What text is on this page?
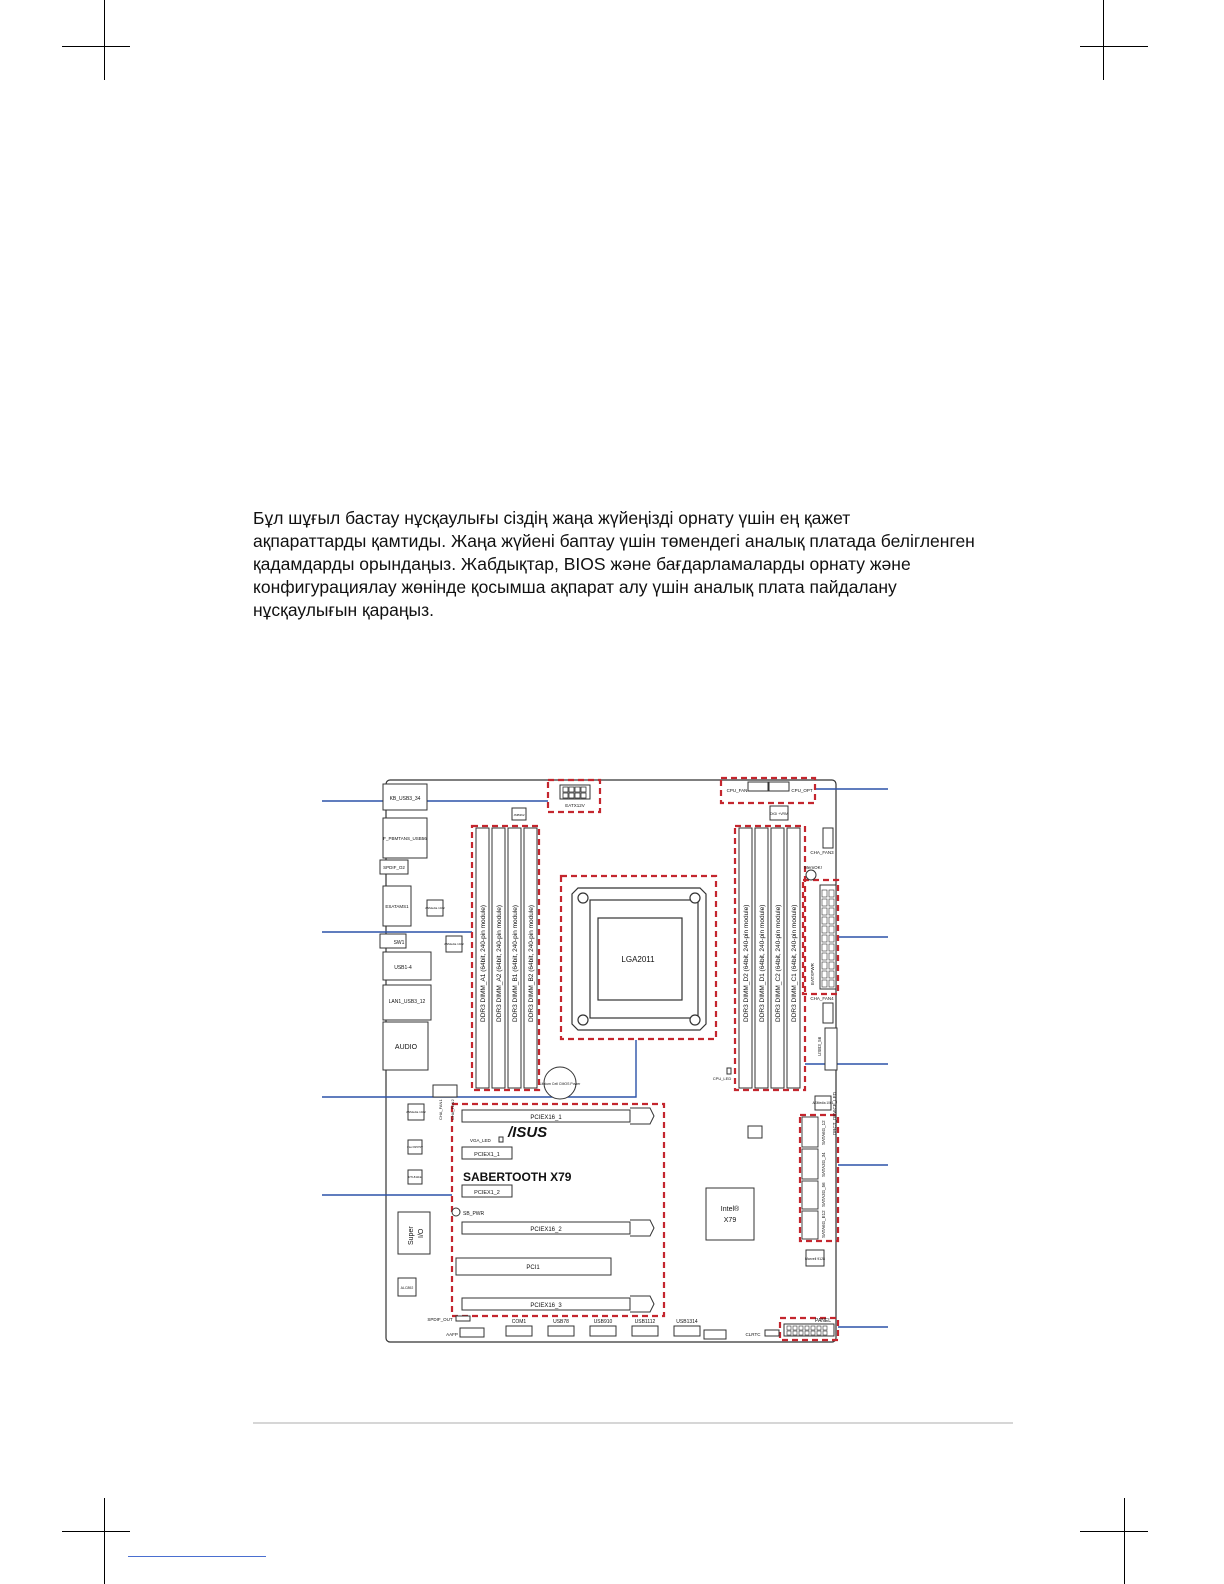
Бұл шұғыл бастау нұсқаулығы сіздің жаңа жүйеңізді орнату үшін ең қажет
ақпараттарды қамтиды. Жаңа жүйені баптау үшін төмендегі аналық платада белігленген
қадамдарды орындаңыз. Жабдықтар, BIOS және бағдарламаларды орнату және
конфигурациялау жөнінде қосымша ақпарат алу үшін аналық плата пайдалану
нұсқаулығын қараңыз.
KB_USB3_34
F_PBMTANS_USB56
SPDIF_O2
ESATAMS1
SW1
USB1-4
LAN1_USB3_12
AUDIO
EATX12V
CPU_FAN	CPU_OPT
DIGI +VRM
DDR3 DIMM_A1 (64bit, 240-pin module) DDR3 DIMM_A2 (64bit, 240-pin module) DDR3 DIMM_B1 (64bit, 240-pin module) DDR3 DIMM_B2 (64bit, 240-pin module)	DDR3 DIMM_D2 (64bit, 240-pin module) DDR3 DIMM_D1 (64bit, 240-pin module) DDR3 DIMM_C2 (64bit, 240-pin module) DDR3 DIMM_C1 (64bit, 240-pin module)
LGA2011
Lithium Cell CMOS Power
CPU_LED
CHA_FAN3
MemOK!
EATXPWR
CHA_FAN4
USB3_56
ASMedia 1061
DRCT_DEVICE_LED
SATA6G_12
SATA3G_34
SATA3G_56
SATA6G_E12
Marvell 9128
JMB362
ASMedia 1042
ASMedia 1042
ASMedia 1042
Intel 82579V
RTL8111E
CHA_FAN1 CHA_FAN2	PCIEX16_1
VGA_LED /ISUS
PCIEX1_1
SABERTOOTH X79
PCIEX1_2
SB_PWR
PCIEX16_2
PCI1
PCIEX16_3
Super I/O
ALC892
Intel®
X79
SPDIF_OUT
AAFP
COM1	USB78	USB910	USB1112	USB1314
CLRTC
PANEL
